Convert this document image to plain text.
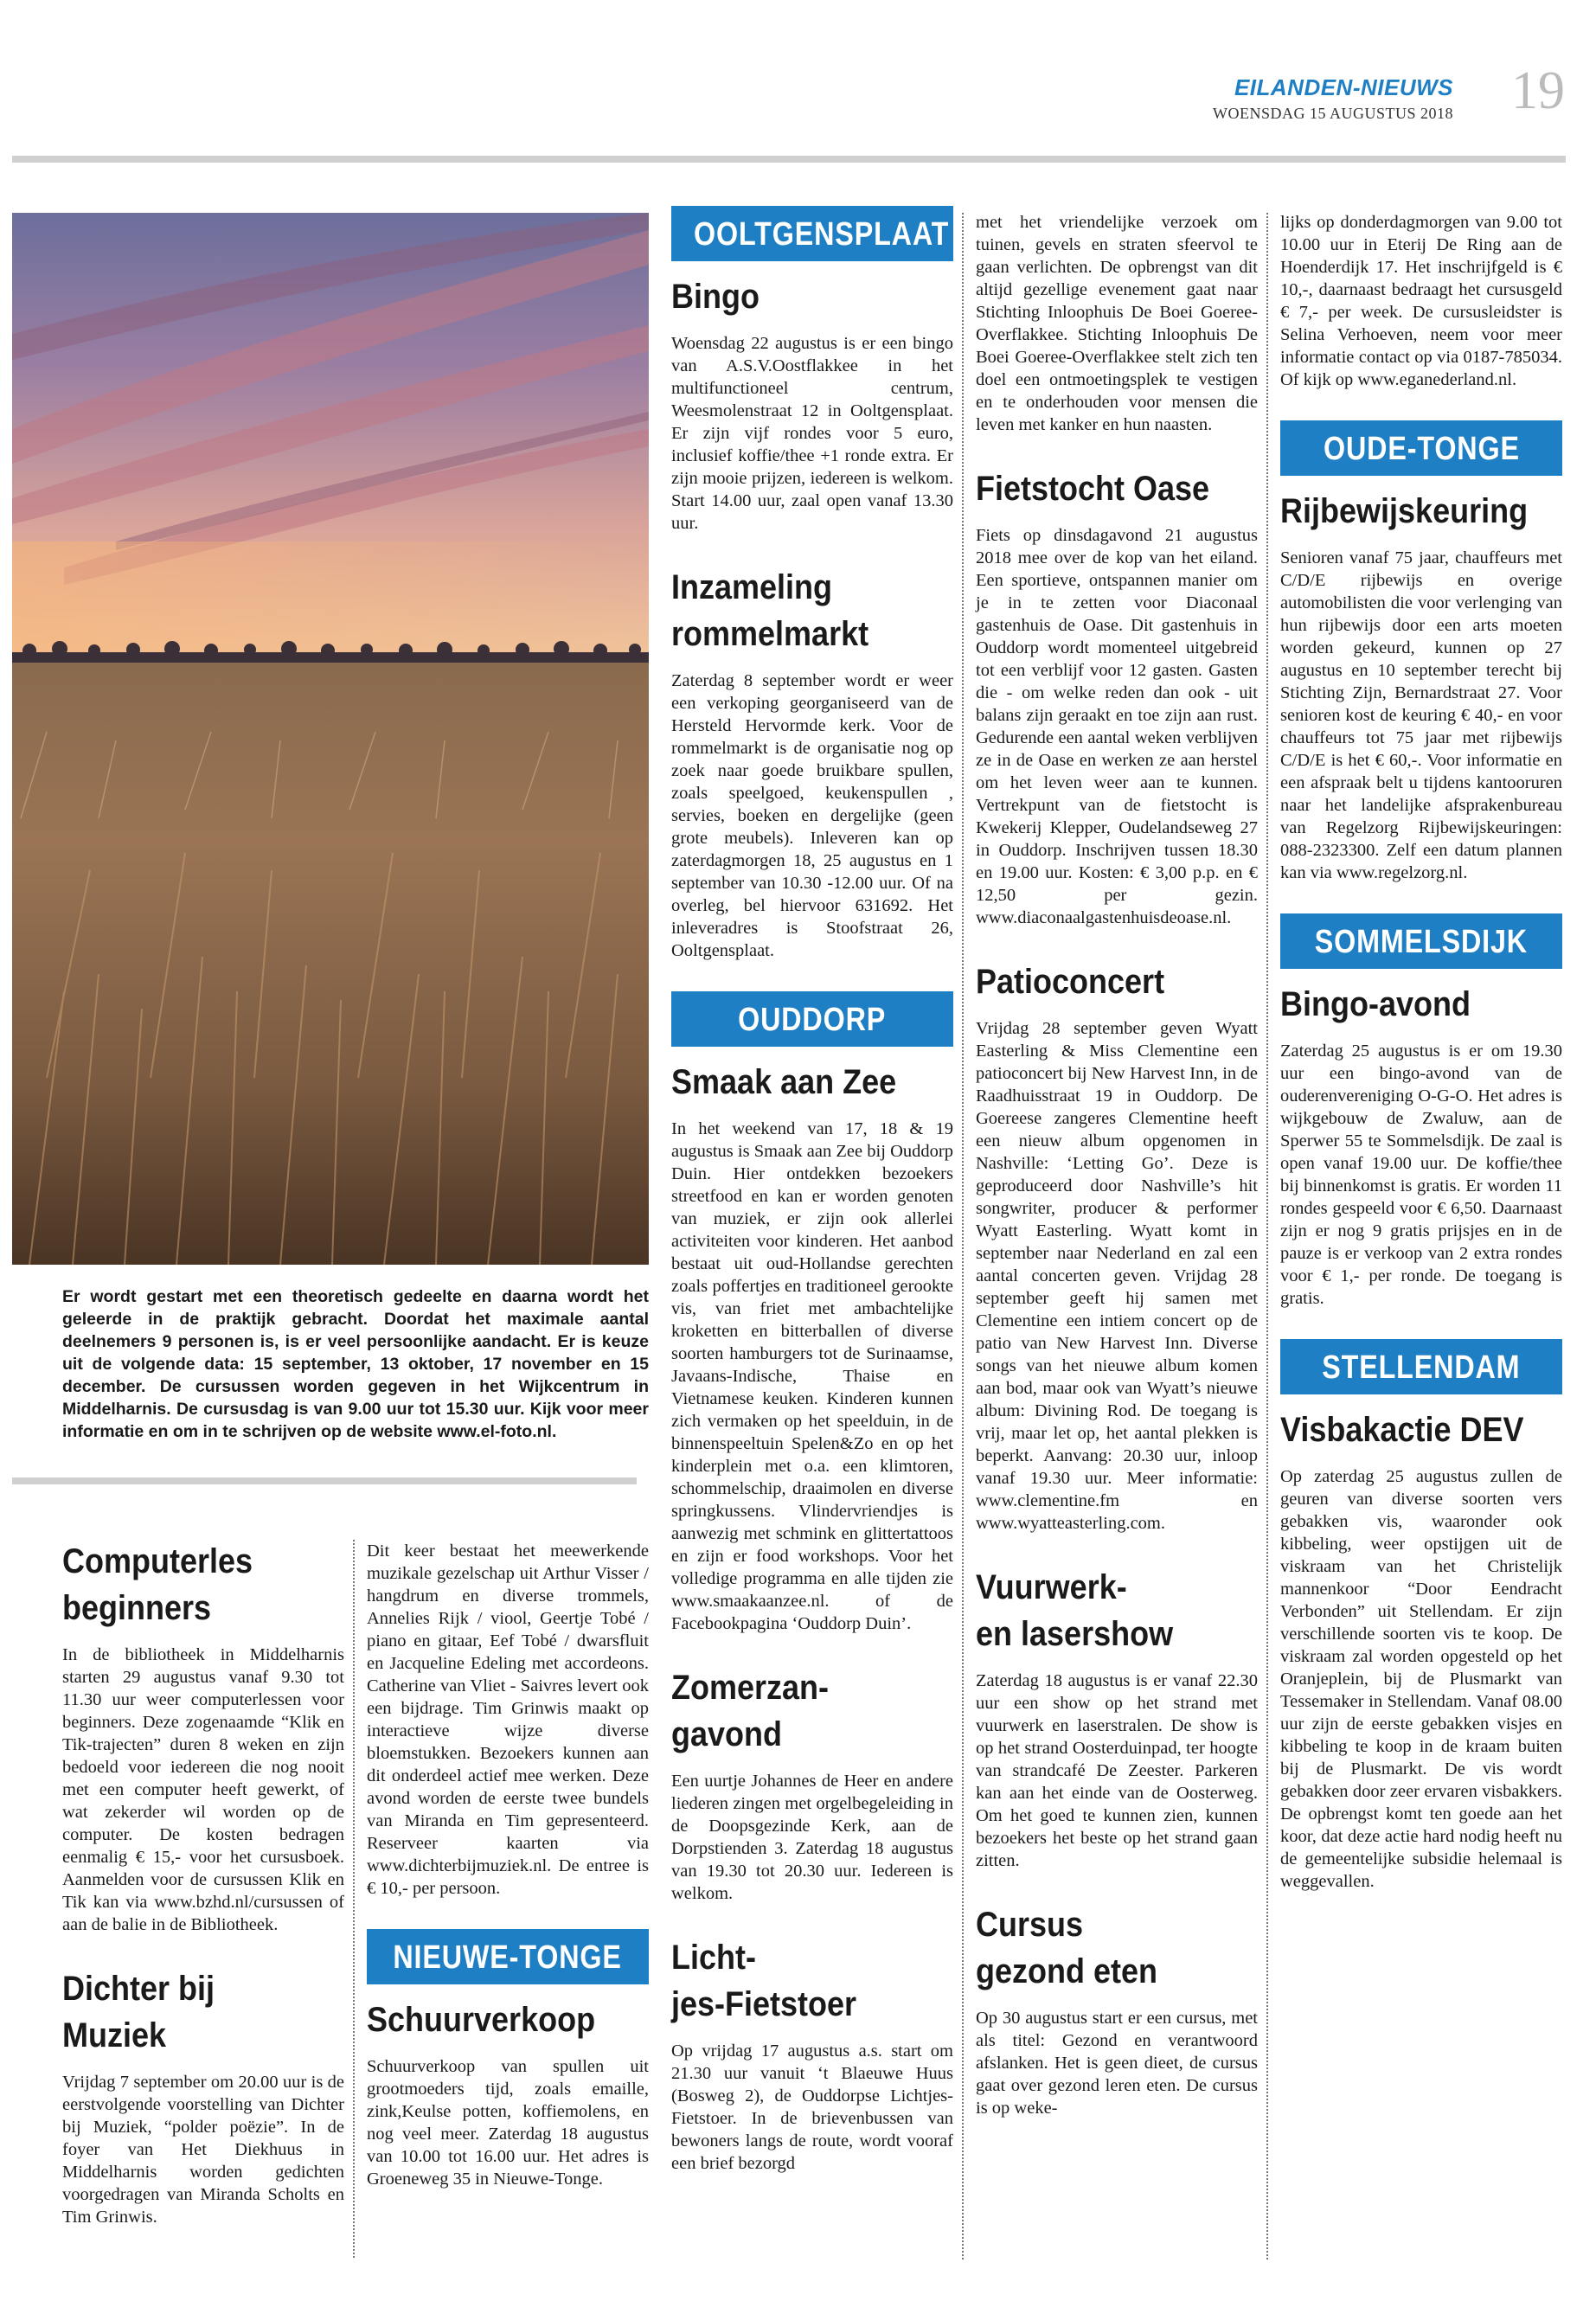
EILANDEN-NIEUWS
WOENSDAG 15 AUGUSTUS 2018 19
Er wordt gestart met een theoretisch gedeelte en daarna wordt het geleerde in de praktijk gebracht. Doordat het maximale aantal deelnemers 9 personen is, is er veel persoonlijke aandacht. Er is keuze uit de volgende data: 15 september, 13 oktober, 17 november en 15 december. De cursussen worden gegeven in het Wijkcentrum in Middelharnis. De cursusdag is van 9.00 uur tot 15.30 uur. Kijk voor meer informatie en om in te schrijven op de website www.el-foto.nl.
Computerles
beginners

In de bibliotheek in Middelharnis starten 29 augustus vanaf 9.30 tot 11.30 uur weer computerlessen voor beginners. Deze zogenaamde “Klik en Tik-trajecten” duren 8 weken en zijn bedoeld voor iedereen die nog nooit met een computer heeft gewerkt, of wat zekerder wil worden op de computer. De kosten bedragen eenmalig € 15,- voor het cursusboek. Aanmelden voor de cursussen Klik en Tik kan via www.bzhd.nl/cursussen of aan de balie in de Bibliotheek.

Dichter bij
Muziek

Vrijdag 7 september om 20.00 uur is de eerstvolgende voorstelling van Dichter bij Muziek, “polder poëzie”. In de foyer van Het Diekhuus in Middelharnis worden gedichten voorgedragen van Miranda Scholts en Tim Grinwis.

Dit keer bestaat het meewerkende muzikale gezelschap uit Arthur Visser / hangdrum en diverse trommels, Annelies Rijk / viool, Geertje Tobé / piano en gitaar, Eef Tobé / dwarsfluit en Jacqueline Edeling met accordeons. Catherine van Vliet - Saivres levert ook een bijdrage. Tim Grinwis maakt op interactieve wijze diverse bloemstukken. Bezoekers kunnen aan dit onderdeel actief mee werken. Deze avond worden de eerste twee bundels van Miranda en Tim gepresenteerd. Reserveer kaarten via www.dichterbijmuziek.nl. De entree is € 10,- per persoon.

NIEUWE-TONGE
Schuurverkoop

Schuurverkoop van spullen uit grootmoeders tijd, zoals emaille, zink,Keulse potten, koffiemolens, en nog veel meer. Zaterdag 18 augustus van 10.00 tot 16.00 uur. Het adres is Groeneweg 35 in Nieuwe-Tonge.

OOLTGENSPLAAT
Bingo

Woensdag 22 augustus is er een bingo van A.S.V.Oostflakkee in het multifunctioneel centrum, Weesmolenstraat 12 in Ooltgensplaat. Er zijn vijf rondes voor 5 euro, inclusief koffie/thee +1 ronde extra. Er zijn mooie prijzen, iedereen is welkom. Start 14.00 uur, zaal open vanaf 13.30 uur.

Inzameling
rommelmarkt

Zaterdag 8 september wordt er weer een verkoping georganiseerd van de Hersteld Hervormde kerk. Voor de rommelmarkt is de organisatie nog op zoek naar goede bruikbare spullen, zoals speelgoed, keukenspullen , servies, boeken en dergelijke (geen grote meubels). Inleveren kan op zaterdagmorgen 18, 25 augustus en 1 september van 10.30 -12.00 uur. Of na overleg, bel hiervoor 631692. Het inleveradres is Stoofstraat 26, Ooltgensplaat.

OUDDORP
Smaak aan Zee

In het weekend van 17, 18 & 19 augustus is Smaak aan Zee bij Ouddorp Duin. Hier ontdekken bezoekers streetfood en kan er worden genoten van muziek, er zijn ook allerlei activiteiten voor kinderen. Het aanbod bestaat uit oud-Hollandse gerechten zoals poffertjes en traditioneel gerookte vis, van friet met ambachtelijke kroketten en bitterballen of diverse soorten hamburgers tot de Surinaamse, Javaans-Indische, Thaise en Vietnamese keuken. Kinderen kunnen zich vermaken op het speelduin, in de binnenspeeltuin Spelen&Zo en op het kinderplein met o.a. een klimtoren, schommelschip, draaimolen en diverse springkussens. Vlindervriendjes is aanwezig met schmink en glittertattoos en zijn er food workshops. Voor het volledige programma en alle tijden zie www.smaakaanzee.nl. of de Facebookpagina ‘Ouddorp Duin’.

Zomerzan-
gavond

Een uurtje Johannes de Heer en andere liederen zingen met orgelbegeleiding in de Doopsgezinde Kerk, aan de Dorpstienden 3. Zaterdag 18 augustus van 19.30 tot 20.30 uur. Iedereen is welkom.

Licht-
jes-Fietstoer

Op vrijdag 17 augustus a.s. start om 21.30 uur vanuit ‘t Blaeuwe Huus (Bosweg 2), de Ouddorpse Lichtjes-Fietstoer. In de brievenbussen van bewoners langs de route, wordt vooraf een brief bezorgd

met het vriendelijke verzoek om tuinen, gevels en straten sfeervol te gaan verlichten. De opbrengst van dit altijd gezellige evenement gaat naar Stichting Inloophuis De Boei Goeree-Overflakkee. Stichting Inloophuis De Boei Goeree-Overflakkee stelt zich ten doel een ontmoetingsplek te vestigen en te onderhouden voor mensen die leven met kanker en hun naasten.

Fietstocht Oase

Fiets op dinsdagavond 21 augustus 2018 mee over de kop van het eiland. Een sportieve, ontspannen manier om je in te zetten voor Diaconaal gastenhuis de Oase. Dit gastenhuis in Ouddorp wordt momenteel uitgebreid tot een verblijf voor 12 gasten. Gasten die - om welke reden dan ook - uit balans zijn geraakt en toe zijn aan rust. Gedurende een aantal weken verblijven ze in de Oase en werken ze aan herstel om het leven weer aan te kunnen. Vertrekpunt van de fietstocht is Kwekerij Klepper, Oudelandseweg 27 in Ouddorp. Inschrijven tussen 18.30 en 19.00 uur. Kosten: € 3,00 p.p. en € 12,50 per gezin. www.diaconaalgastenhuisdeoase.nl.

Patioconcert

Vrijdag 28 september geven Wyatt Easterling & Miss Clementine een patioconcert bij New Harvest Inn, in de Raadhuisstraat 19 in Ouddorp. De Goereese zangeres Clementine heeft een nieuw album opgenomen in Nashville: ‘Letting Go’. Deze is geproduceerd door Nashville’s hit songwriter, producer & performer Wyatt Easterling. Wyatt komt in september naar Nederland en zal een aantal concerten geven. Vrijdag 28 september geeft hij samen met Clementine een intiem concert op de patio van New Harvest Inn. Diverse songs van het nieuwe album komen aan bod, maar ook van Wyatt’s nieuwe album: Divining Rod. De toegang is vrij, maar let op, het aantal plekken is beperkt. Aanvang: 20.30 uur, inloop vanaf 19.30 uur. Meer informatie: www.clementine.fm en www.wyatteasterling.com.

Vuurwerk-
en lasershow

Zaterdag 18 augustus is er vanaf 22.30 uur een show op het strand met vuurwerk en laserstralen. De show is op het strand Oosterduinpad, ter hoogte van strandcafé De Zeester. Parkeren kan aan het einde van de Oosterweg. Om het goed te kunnen zien, kunnen bezoekers het beste op het strand gaan zitten.

Cursus
gezond eten

Op 30 augustus start er een cursus, met als titel: Gezond en verantwoord afslanken. Het is geen dieet, de cursus gaat over gezond leren eten. De cursus is op weke-

lijks op donderdagmorgen van 9.00 tot 10.00 uur in Eterij De Ring aan de Hoenderdijk 17. Het inschrijfgeld is € 10,-, daarnaast bedraagt het cursusgeld € 7,- per week. De cursusleidster is Selina Verhoeven, neem voor meer informatie contact op via 0187-785034. Of kijk op www.eganederland.nl.

OUDE-TONGE
Rijbewijskeuring

Senioren vanaf 75 jaar, chauffeurs met C/D/E rijbewijs en overige automobilisten die voor verlenging van hun rijbewijs door een arts moeten worden gekeurd, kunnen op 27 augustus en 10 september terecht bij Stichting Zijn, Bernardstraat 27. Voor senioren kost de keuring € 40,- en voor chauffeurs tot 75 jaar met rijbewijs C/D/E is het € 60,-. Voor informatie en een afspraak belt u tijdens kantooruren naar het landelijke afsprakenbureau van Regelzorg Rijbewijskeuringen: 088-2323300. Zelf een datum plannen kan via www.regelzorg.nl.

SOMMELSDIJK
Bingo-avond

Zaterdag 25 augustus is er om 19.30 uur een bingo-avond van de ouderenvereniging O-G-O. Het adres is wijkgebouw de Zwaluw, aan de Sperwer 55 te Sommelsdijk. De zaal is open vanaf 19.00 uur. De koffie/thee bij binnenkomst is gratis. Er worden 11 rondes gespeeld voor € 6,50. Daarnaast zijn er nog 9 gratis prijsjes en in de pauze is er verkoop van 2 extra rondes voor € 1,- per ronde. De toegang is gratis.

STELLENDAM
Visbakactie DEV

Op zaterdag 25 augustus zullen de geuren van diverse soorten vers gebakken vis, waaronder ook kibbeling, weer opstijgen uit de viskraam van het Christelijk mannenkoor “Door Eendracht Verbonden” uit Stellendam. Er zijn verschillende soorten vis te koop. De viskraam zal worden opgesteld op het Oranjeplein, bij de Plusmarkt van Tessemaker in Stellendam. Vanaf 08.00 uur zijn de eerste gebakken visjes en kibbeling te koop in de kraam buiten bij de Plusmarkt. De vis wordt gebakken door zeer ervaren visbakkers. De opbrengst komt ten goede aan het koor, dat deze actie hard nodig heeft nu de gemeentelijke subsidie helemaal is weggevallen.
